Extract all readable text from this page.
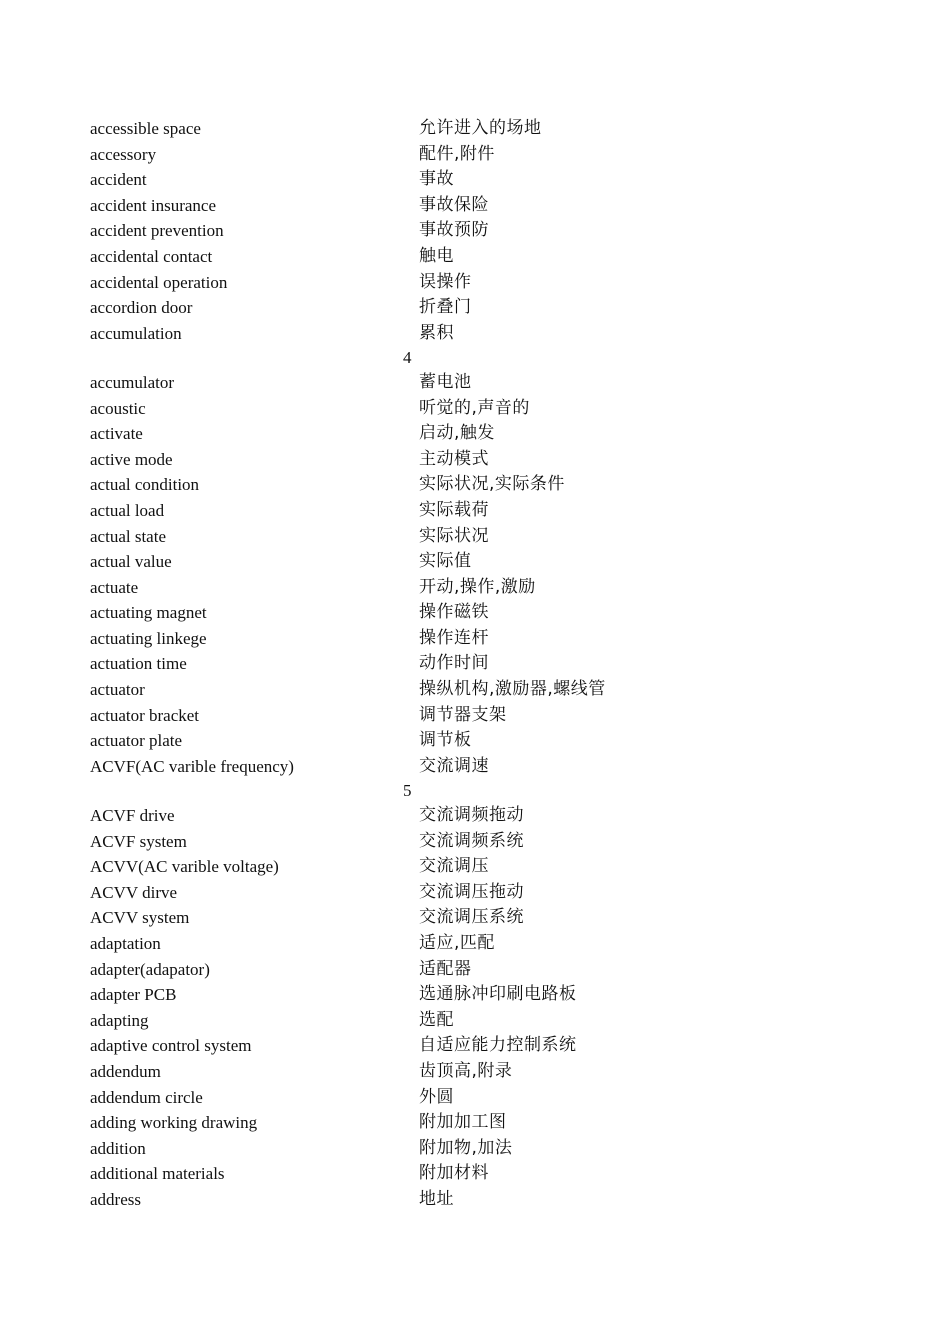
accessible space	允许进入的场地
accessory	配件,附件
accident	事故
accident insurance	事故保险
accident prevention	事故预防
accidental contact	触电
accidental operation	误操作
accordion door	折叠门
accumulation	累积
4
accumulator	蓄电池
acoustic	听觉的,声音的
activate	启动,触发
active mode	主动模式
actual condition	实际状况,实际条件
actual load	实际载荷
actual state	实际状况
actual value	实际值
actuate	开动,操作,激励
actuating magnet	操作磁铁
actuating linkege	操作连杆
actuation time	动作时间
actuator	操纵机构,激励器,螺线管
actuator bracket	调节器支架
actuator plate	调节板
ACVF(AC varible frequency)	交流调速
5
ACVF drive	交流调频拖动
ACVF system	交流调频系统
ACVV(AC varible voltage)	交流调压
ACVV dirve	交流调压拖动
ACVV system	交流调压系统
adaptation	适应,匹配
adapter(adapator)	适配器
adapter PCB	选通脉冲印刷电路板
adapting	选配
adaptive control system	自适应能力控制系统
addendum	齿顶高,附录
addendum circle	外圆
adding working drawing	附加加工图
addition	附加物,加法
additional materials	附加材料
address	地址
